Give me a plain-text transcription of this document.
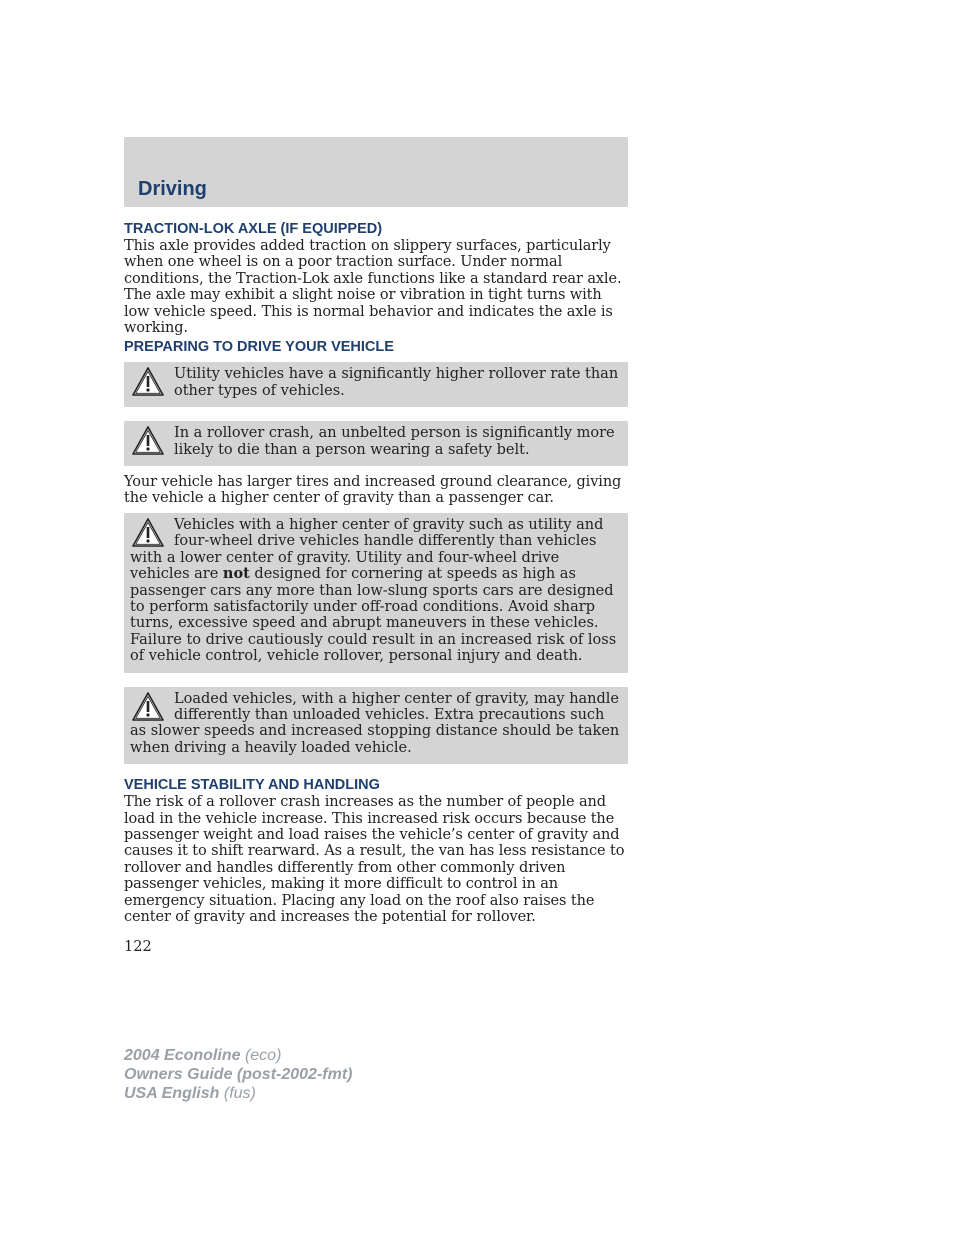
Driving
TRACTION-LOK AXLE (IF EQUIPPED)

This axle provides added traction on slippery surfaces, particularly when one wheel is on a poor traction surface. Under normal conditions, the Traction-Lok axle functions like a standard rear axle. The axle may exhibit a slight noise or vibration in tight turns with low vehicle speed. This is normal behavior and indicates the axle is working.

PREPARING TO DRIVE YOUR VEHICLE
Utility vehicles have a significantly higher rollover rate than other types of vehicles.
In a rollover crash, an unbelted person is significantly more likely to die than a person wearing a safety belt.

Your vehicle has larger tires and increased ground clearance, giving the vehicle a higher center of gravity than a passenger car.

Vehicles with a higher center of gravity such as utility and four-wheel drive vehicles handle differently than vehicles with a lower center of gravity. Utility and four-wheel drive vehicles are not designed for cornering at speeds as high as passenger cars any more than low-slung sports cars are designed to perform satisfactorily under off-road conditions. Avoid sharp turns, excessive speed and abrupt maneuvers in these vehicles. Failure to drive cautiously could result in an increased risk of loss of vehicle control, vehicle rollover, personal injury and death.
Loaded vehicles, with a higher center of gravity, may handle differently than unloaded vehicles. Extra precautions such as slower speeds and increased stopping distance should be taken when driving a heavily loaded vehicle.
VEHICLE STABILITY AND HANDLING

The risk of a rollover crash increases as the number of people and load in the vehicle increase. This increased risk occurs because the passenger weight and load raises the vehicle’s center of gravity and causes it to shift rearward. As a result, the van has less resistance to rollover and handles differently from other commonly driven passenger vehicles, making it more difficult to control in an emergency situation. Placing any load on the roof also raises the center of gravity and increases the potential for rollover.

122
2004 Econoline (eco)
Owners Guide (post-2002-fmt)
USA English (fus)
